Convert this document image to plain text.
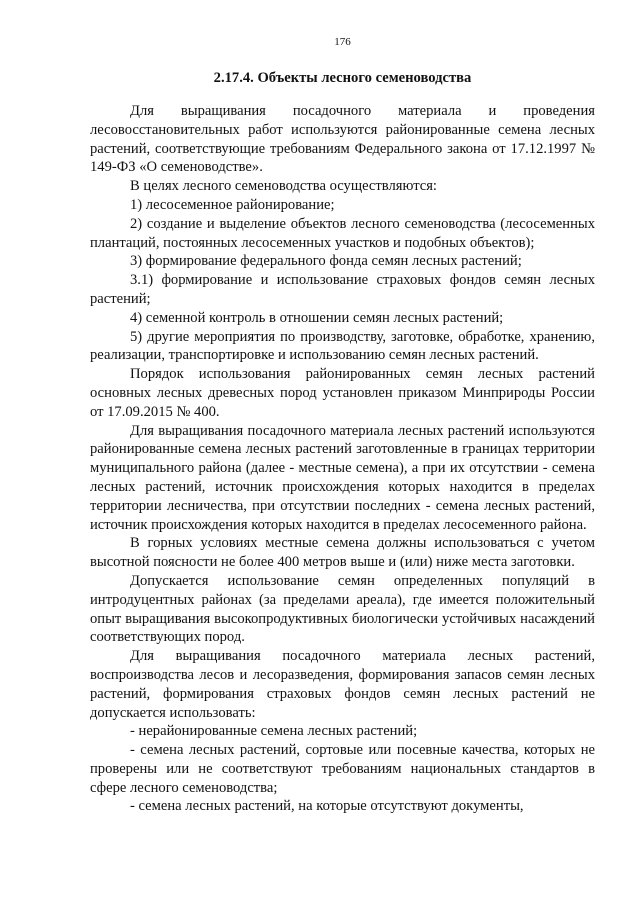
176
2.17.4. Объекты лесного семеноводства

Для выращивания посадочного материала и проведения лесовосстановительных работ используются районированные семена лесных растений, соответствующие требованиям Федерального закона от 17.12.1997 № 149-ФЗ «О семеноводстве».

В целях лесного семеноводства осуществляются:

1) лесосеменное районирование;

2) создание и выделение объектов лесного семеноводства (лесосеменных плантаций, постоянных лесосеменных участков и подобных объектов);

3) формирование федерального фонда семян лесных растений;

3.1) формирование и использование страховых фондов семян лесных растений;

4) семенной контроль в отношении семян лесных растений;

5) другие мероприятия по производству, заготовке, обработке, хранению, реализации, транспортировке и использованию семян лесных растений.

Порядок использования районированных семян лесных растений основных лесных древесных пород установлен приказом Минприроды России от 17.09.2015 № 400.

Для выращивания посадочного материала лесных растений используются районированные семена лесных растений заготовленные в границах территории муниципального района (далее - местные семена), а при их отсутствии - семена лесных растений, источник происхождения которых находится в пределах территории лесничества, при отсутствии последних - семена лесных растений, источник происхождения которых находится в пределах лесосеменного района.

В горных условиях местные семена должны использоваться с учетом высотной поясности не более 400 метров выше и (или) ниже места заготовки.

Допускается использование семян определенных популяций в интродуцентных районах (за пределами ареала), где имеется положительный опыт выращивания высокопродуктивных биологически устойчивых насаждений соответствующих пород.

Для выращивания посадочного материала лесных растений, воспроизводства лесов и лесоразведения, формирования запасов семян лесных растений, формирования страховых фондов семян лесных растений не допускается использовать:

- нерайонированные семена лесных растений;

- семена лесных растений, сортовые или посевные качества, которых не проверены или не соответствуют требованиям национальных стандартов в сфере лесного семеноводства;

- семена лесных растений, на которые отсутствуют документы,
